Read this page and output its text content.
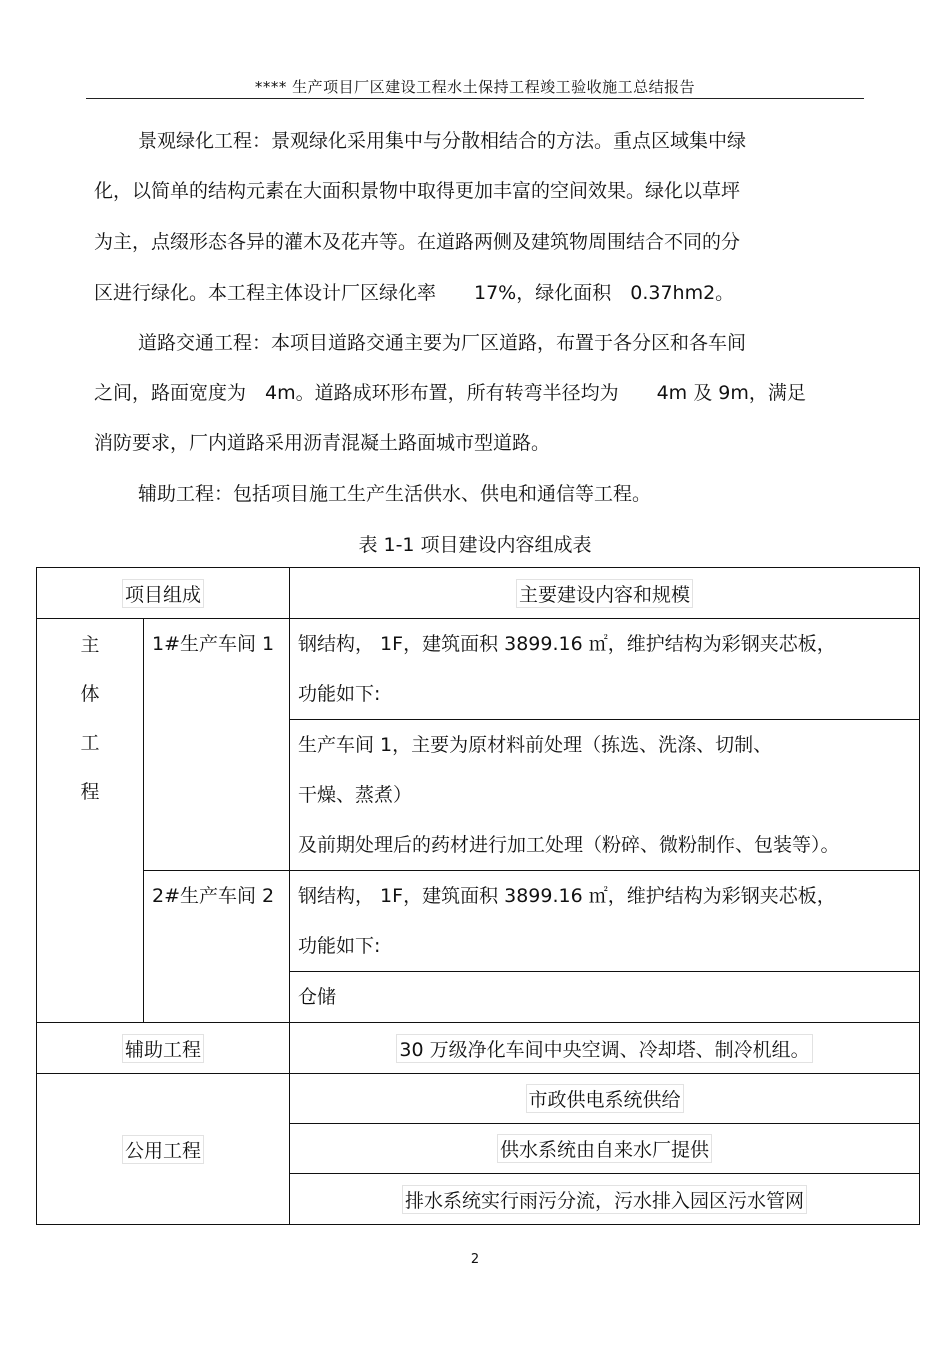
**** 生产项目厂区建设工程水土保持工程竣工验收施工总结报告
景观绿化工程：景观绿化采用集中与分散相结合的方法。重点区域集中绿
化，以简单的结构元素在大面积景物中取得更加丰富的空间效果。绿化以草坪
为主，点缀形态各异的灌木及花卉等。在道路两侧及建筑物周围结合不同的分
区进行绿化。本工程主体设计厂区绿化率　　17%，绿化面积　0.37hm2。
道路交通工程：本项目道路交通主要为厂区道路，布置于各分区和各车间
之间，路面宽度为　4m。道路成环形布置，所有转弯半径均为　　4m 及 9m，满足
消防要求，厂内道路采用沥青混凝土路面城市型道路。
辅助工程：包括项目施工生产生活供水、供电和通信等工程。
表 1-1 项目建设内容组成表
项目组成		主要建设内容和规模

主
体
工
程	1#生产车间 1	钢结构， 1F，建筑面积 3899.16 ㎡，维护结构为彩钢夹芯板，
功能如下:

		生产车间 1，主要为原材料前处理（拣选、洗涤、切制、
干燥、蒸煮）
及前期处理后的药材进行加工处理（粉碎、微粉制作、包装等）。

	2#生产车间 2	钢结构， 1F，建筑面积 3899.16 ㎡，维护结构为彩钢夹芯板，
功能如下:

		仓储

辅助工程		30 万级净化车间中央空调、冷却塔、制冷机组。
公用工程		市政供电系统供给
		供水系统由自来水厂提供
		排水系统实行雨污分流，污水排入园区污水管网
2
